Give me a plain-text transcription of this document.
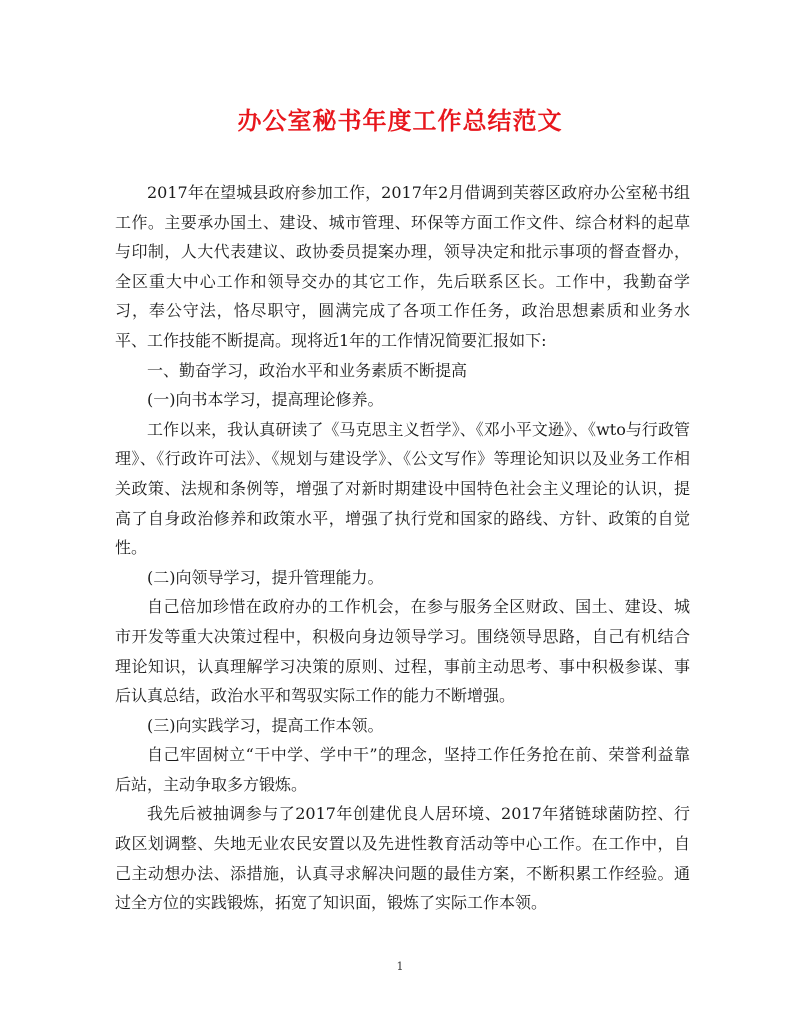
办公室秘书年度工作总结范文

2017年在望城县政府参加工作，2017年2月借调到芙蓉区政府办公室秘书组工作。主要承办国土、建设、城市管理、环保等方面工作文件、综合材料的起草与印制，人大代表建议、政协委员提案办理，领导决定和批示事项的督查督办，全区重大中心工作和领导交办的其它工作，先后联系区长。工作中，我勤奋学习，奉公守法，恪尽职守，圆满完成了各项工作任务，政治思想素质和业务水平、工作技能不断提高。现将近1年的工作情况简要汇报如下:

一、勤奋学习，政治水平和业务素质不断提高

(一)向书本学习，提高理论修养。

工作以来，我认真研读了《马克思主义哲学》、《邓小平文逊》、《wto与行政管理》、《行政许可法》、《规划与建设学》、《公文写作》等理论知识以及业务工作相关政策、法规和条例等，增强了对新时期建设中国特色社会主义理论的认识，提高了自身政治修养和政策水平，增强了执行党和国家的路线、方针、政策的自觉性。

(二)向领导学习，提升管理能力。

自己倍加珍惜在政府办的工作机会，在参与服务全区财政、国土、建设、城市开发等重大决策过程中，积极向身边领导学习。围绕领导思路，自己有机结合理论知识，认真理解学习决策的原则、过程，事前主动思考、事中积极参谋、事后认真总结，政治水平和驾驭实际工作的能力不断增强。

(三)向实践学习，提高工作本领。

自己牢固树立“干中学、学中干”的理念，坚持工作任务抢在前、荣誉利益靠后站，主动争取多方锻炼。

我先后被抽调参与了2017年创建优良人居环境、2017年猪链球菌防控、行政区划调整、失地无业农民安置以及先进性教育活动等中心工作。在工作中，自己主动想办法、添措施，认真寻求解决问题的最佳方案，不断积累工作经验。通过全方位的实践锻炼，拓宽了知识面，锻炼了实际工作本领。

1
